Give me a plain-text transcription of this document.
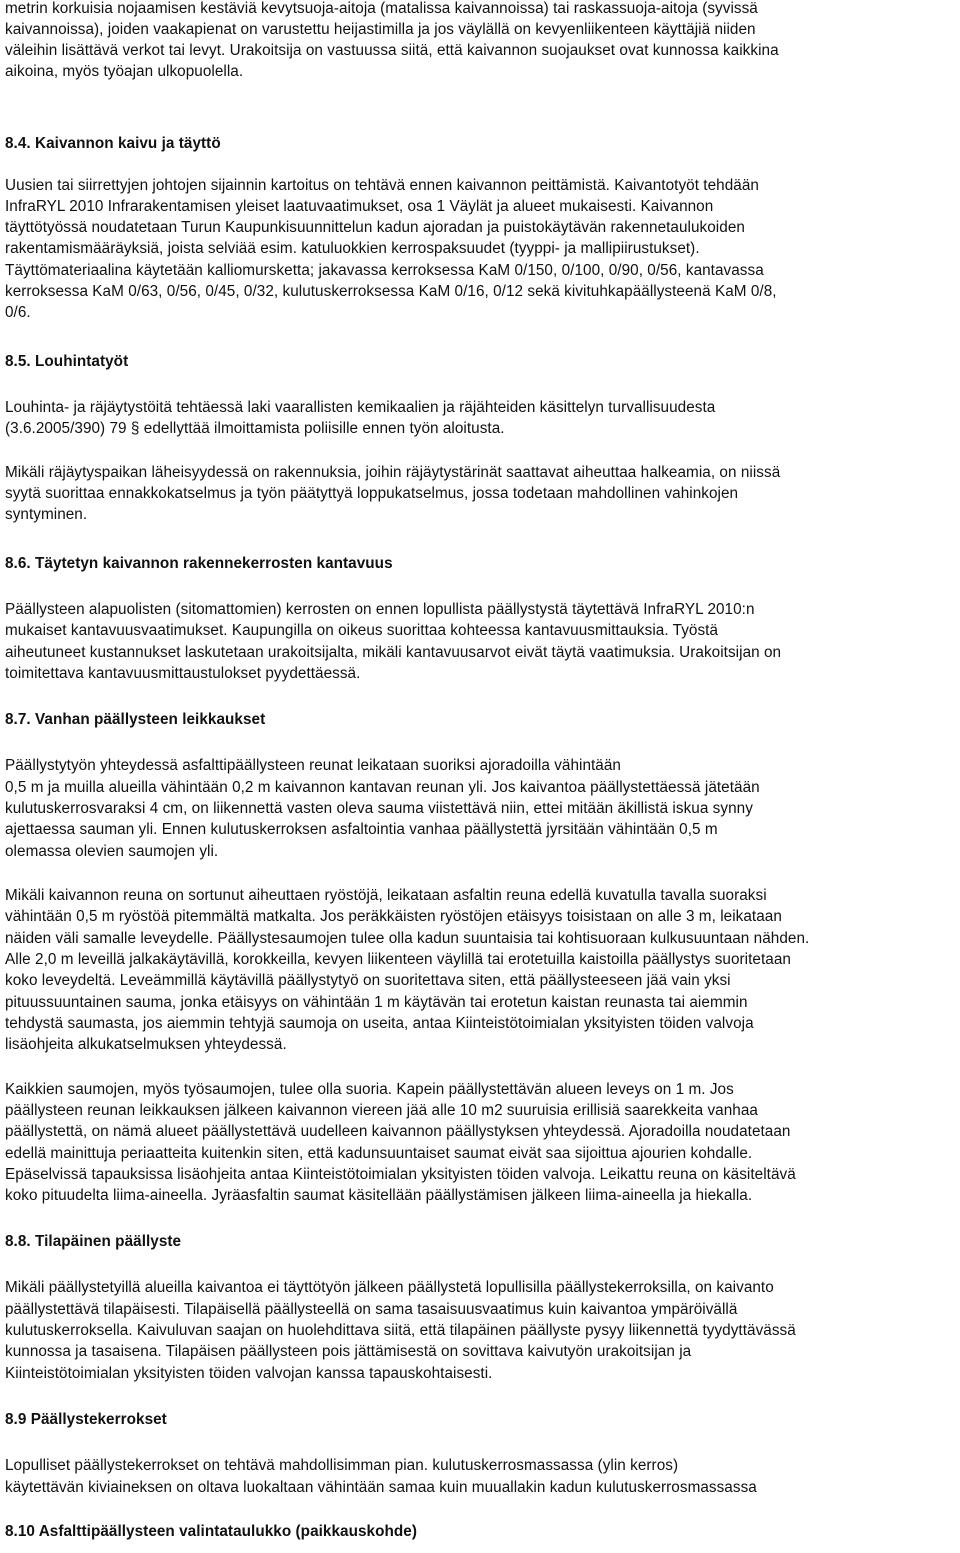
metrin korkuisia nojaamisen kestäviä kevytsuoja-aitoja (matalissa kaivannoissa) tai raskassuoja-aitoja (syvissä
kaivannoissa), joiden vaakapienat on varustettu heijastimilla ja jos väylällä on kevyenliikenteen käyttäjiä niiden
väleihin lisättävä verkot tai levyt. Urakoitsija on vastuussa siitä, että kaivannon suojaukset ovat kunnossa kaikkina
aikoina, myös työajan ulkopuolella.
8.4. Kaivannon kaivu ja täyttö
Uusien tai siirrettyjen johtojen sijainnin kartoitus on tehtävä ennen kaivannon peittämistä. Kaivantotyöt tehdään
InfraRYL 2010 Infrarakentamisen yleiset laatuvaatimukset, osa 1 Väylät ja alueet mukaisesti. Kaivannon
täyttötyössä noudatetaan Turun Kaupunkisuunnittelun kadun ajoradan ja puistokäytävän rakennetaulukoiden
rakentamismääräyksiä, joista selviää esim. katuluokkien kerrospaksuudet (tyyppi- ja mallipiirustukset).
Täyttömateriaalina käytetään kalliomursketta; jakavassa kerroksessa KaM 0/150, 0/100, 0/90, 0/56, kantavassa
kerroksessa KaM 0/63, 0/56, 0/45, 0/32, kulutuskerroksessa KaM 0/16, 0/12 sekä kivituhkapäällysteenä KaM 0/8,
0/6.
8.5. Louhintatyöt
Louhinta- ja räjäytystöitä tehtäessä laki vaarallisten kemikaalien ja räjähteiden käsittelyn turvallisuudesta
(3.6.2005/390) 79 § edellyttää ilmoittamista poliisille ennen työn aloitusta.
Mikäli räjäytyspaikan läheisyydessä on rakennuksia, joihin räjäytystärinät saattavat aiheuttaa halkeamia, on niissä
syytä suorittaa ennakkokatselmus ja työn päätyttyä loppukatselmus, jossa todetaan mahdollinen vahinkojen
syntyminen.
8.6. Täytetyn kaivannon rakennekerrosten kantavuus
Päällysteen alapuolisten (sitomattomien) kerrosten on ennen lopullista päällystystä täytettävä InfraRYL 2010:n
mukaiset kantavuusvaatimukset. Kaupungilla on oikeus suorittaa kohteessa kantavuusmittauksia. Työstä
aiheutuneet kustannukset laskutetaan urakoitsijalta, mikäli kantavuusarvot eivät täytä vaatimuksia. Urakoitsijan on
toimitettava kantavuusmittaustulokset pyydettäessä.
8.7. Vanhan päällysteen leikkaukset
Päällystytyön yhteydessä asfalttipäällysteen reunat leikataan suoriksi ajoradoilla vähintään
0,5 m ja muilla alueilla vähintään 0,2 m kaivannon kantavan reunan yli. Jos kaivantoa päällystettäessä jätetään
kulutuskerrosvaraksi 4 cm, on liikennettä vasten oleva sauma viistettävä niin, ettei mitään äkillistä iskua synny
ajettaessa sauman yli. Ennen kulutuskerroksen asfaltointia vanhaa päällystettä jyrsitään vähintään 0,5 m
olemassa olevien saumojen yli.
Mikäli kaivannon reuna on sortunut aiheuttaen ryöstöjä, leikataan asfaltin reuna edellä kuvatulla tavalla suoraksi
vähintään 0,5 m ryöstöä pitemmältä matkalta. Jos peräkkäisten ryöstöjen etäisyys toisistaan on alle 3 m, leikataan
näiden väli samalle leveydelle. Päällystesaumojen tulee olla kadun suuntaisia tai kohtisuoraan kulkusuuntaan nähden.
Alle 2,0 m leveillä jalkakäytävillä, korokkeilla, kevyen liikenteen väylillä tai erotetuilla kaistoilla päällystys suoritetaan
koko leveydeltä. Leveämmillä käytävillä päällystytyö on suoritettava siten, että päällysteeseen jää vain yksi
pituussuuntainen sauma, jonka etäisyys on vähintään 1 m käytävän tai erotetun kaistan reunasta tai aiemmin
tehdystä saumasta, jos aiemmin tehtyjä saumoja on useita, antaa Kiinteistötoimialan yksityisten töiden valvoja
lisäohjeita alkukatselmuksen yhteydessä.
Kaikkien saumojen, myös työsaumojen, tulee olla suoria. Kapein päällystettävän alueen leveys on 1 m. Jos
päällysteen reunan leikkauksen jälkeen kaivannon viereen jää alle 10 m2 suuruisia erillisiä saarekkeita vanhaa
päällystettä, on nämä alueet päällystettävä uudelleen kaivannon päällystyksen yhteydessä. Ajoradoilla noudatetaan
edellä mainittuja periaatteita kuitenkin siten, että kadunsuuntaiset saumat eivät saa sijoittua ajourien kohdalle.
Epäselvissä tapauksissa lisäohjeita antaa Kiinteistötoimialan yksityisten töiden valvoja. Leikattu reuna on käsiteltävä
koko pituudelta liima-aineella. Jyräasfaltin saumat käsitellään päällystämisen jälkeen liima-aineella ja hiekalla.
8.8. Tilapäinen päällyste
Mikäli päällystetyillä alueilla kaivantoa ei täyttötyön jälkeen päällystetä lopullisilla päällystekerroksilla, on kaivanto
päällystettävä tilapäisesti. Tilapäisellä päällysteellä on sama tasaisuusvaatimus kuin kaivantoa ympäröivällä
kulutuskerroksella. Kaivuluvan saajan on huolehdittava siitä, että tilapäinen päällyste pysyy liikennettä tyydyttävässä
kunnossa ja tasaisena. Tilapäisen päällysteen pois jättämisestä on sovittava kaivutyön urakoitsijan ja
Kiinteistötoimialan yksityisten töiden valvojan kanssa tapauskohtaisesti.
8.9 Päällystekerrokset
Lopulliset päällystekerrokset on tehtävä mahdollisimman pian. kulutuskerrosmassassa (ylin kerros)
käytettävän kiviaineksen on oltava luokaltaan vähintään samaa kuin muuallakin kadun kulutuskerrosmassassa
8.10 Asfalttipäällysteen valintataulukko (paikkauskohde)
